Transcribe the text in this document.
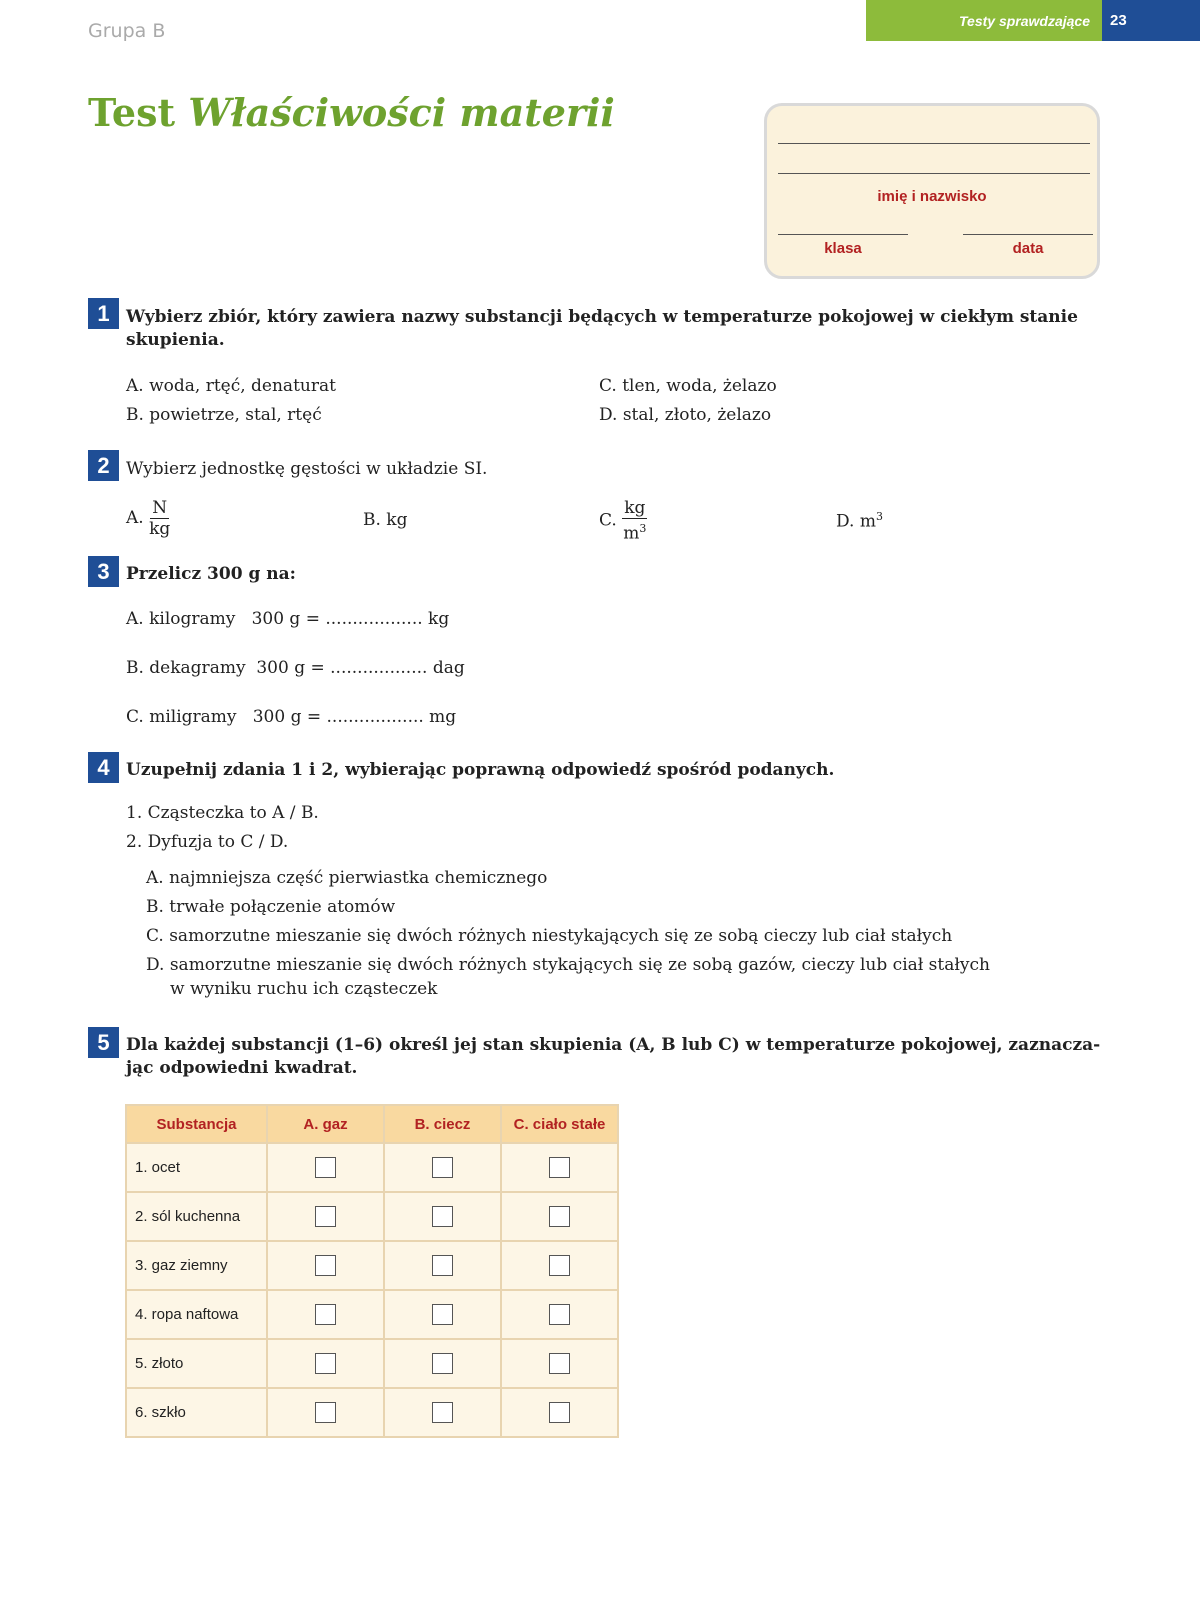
Grupa B	Testy sprawdzające	23
Test Właściwości materii
imię i nazwisko
klasa	data
1 Wybierz zbiór, który zawiera nazwy substancji będących w temperaturze pokojowej w ciekłym stanie skupienia.
A. woda, rtęć, denaturat
B. powietrze, stal, rtęć
C. tlen, woda, żelazo
D. stal, złoto, żelazo
2 Wybierz jednostkę gęstości w układzie SI.
A. $\frac{N}{kg}$	B. kg	C. $\frac{kg}{m^3}$	D. $m^3$
3 Przelicz 300 g na:
A. kilogramy   300 g = .................. kg
B. dekagramy  300 g = .................. dag
C. miligramy   300 g = .................. mg
4 Uzupełnij zdania 1 i 2, wybierając poprawną odpowiedź spośród podanych.
1. Cząsteczka to A / B.
2. Dyfuzja to C / D.
A. najmniejsza część pierwiastka chemicznego
B. trwałe połączenie atomów
C. samorzutne mieszanie się dwóch różnych niestykających się ze sobą cieczy lub ciał stałych
D. samorzutne mieszanie się dwóch różnych stykających się ze sobą gazów, cieczy lub ciał stałych
w wyniku ruchu ich cząsteczek
5 Dla każdej substancji (1–6) określ jej stan skupienia (A, B lub C) w temperaturze pokojowej, zaznacza-jąc odpowiedni kwadrat.
Substancja	A. gaz	B. ciecz	C. ciało stałe
1. ocet			
2. sól kuchenna			
3. gaz ziemny			
4. ropa naftowa			
5. złoto			
6. szkło			
